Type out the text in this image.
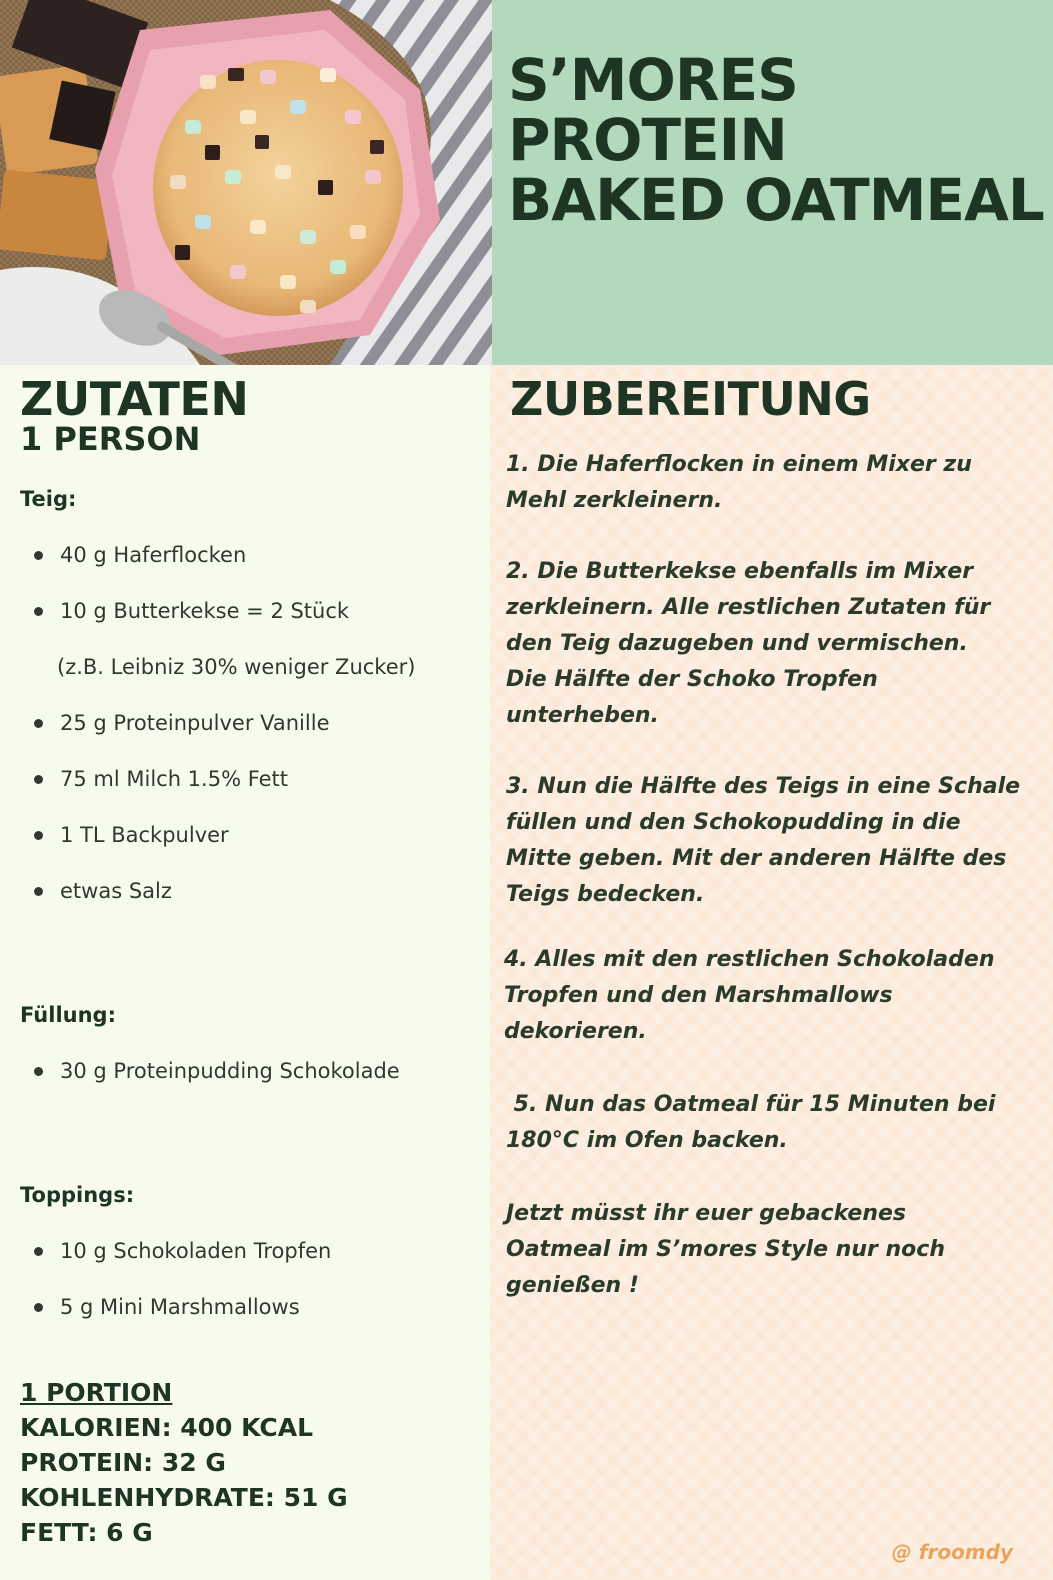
S’MORES
PROTEIN
BAKED OATMEAL
ZUTATEN
1 PERSON
Teig:
40 g Haferflocken
10 g Butterkekse = 2 Stück
(z.B. Leibniz 30% weniger Zucker)
25 g Proteinpulver Vanille
75 ml Milch 1.5% Fett
1 TL Backpulver
etwas Salz
Füllung:
30 g Proteinpudding Schokolade
Toppings:
10 g Schokoladen Tropfen
5 g Mini Marshmallows
1 PORTION
KALORIEN: 400 KCAL
PROTEIN: 32 G
KOHLENHYDRATE: 51 G
FETT: 6 G
ZUBEREITUNG
1. Die Haferflocken in einem Mixer zu
Mehl zerkleinern.
2. Die Butterkekse ebenfalls im Mixer
zerkleinern. Alle restlichen Zutaten für
den Teig dazugeben und vermischen.
Die Hälfte der Schoko Tropfen
unterheben.
3. Nun die Hälfte des Teigs in eine Schale
füllen und den Schokopudding in die
Mitte geben. Mit der anderen Hälfte des
Teigs bedecken.
4. Alles mit den restlichen Schokoladen
Tropfen und den Marshmallows
dekorieren.
5. Nun das Oatmeal für 15 Minuten bei
180°C im Ofen backen.
Jetzt müsst ihr euer gebackenes
Oatmeal im S’mores Style nur noch
genießen !
@ froomdy
